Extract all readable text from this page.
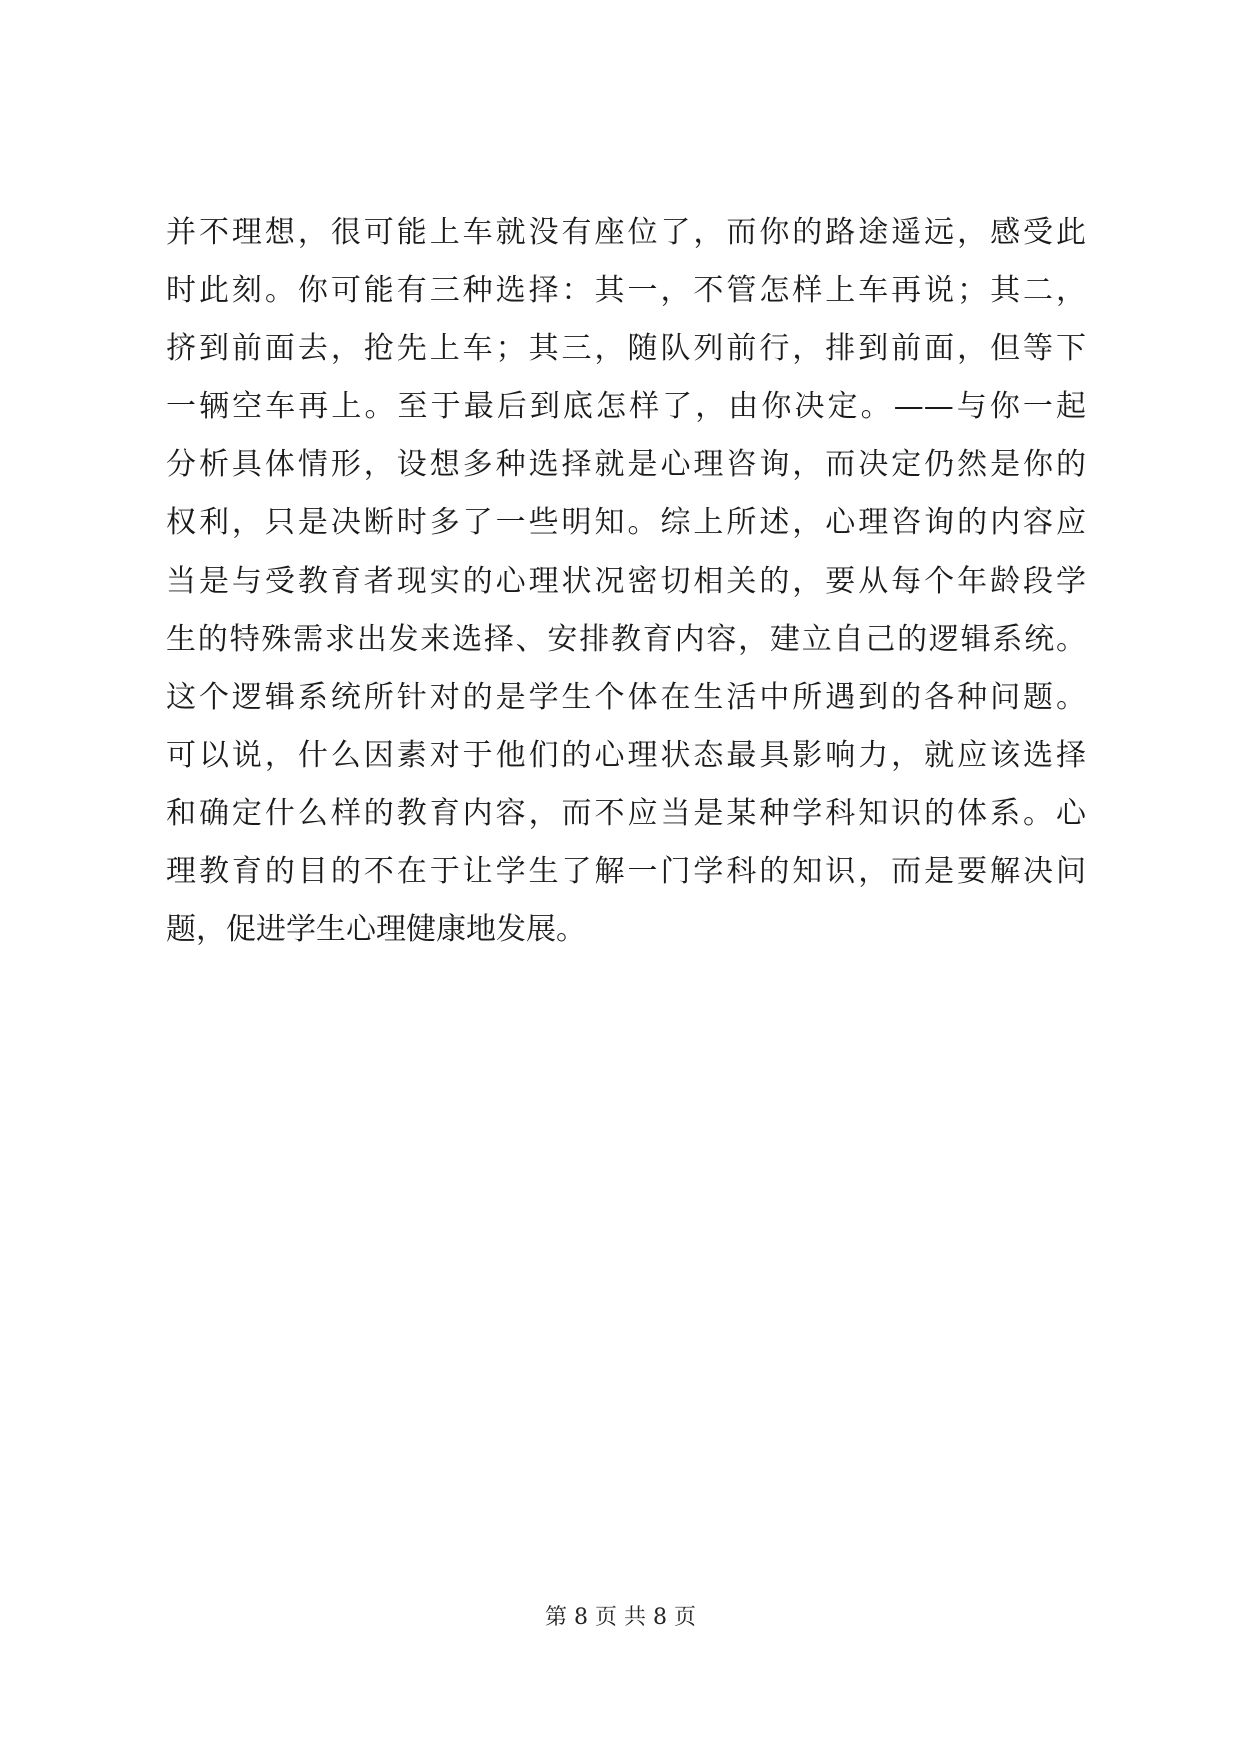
并不理想，很可能上车就没有座位了，而你的路途遥远，感受此
时此刻。你可能有三种选择：其一，不管怎样上车再说；其二，
挤到前面去，抢先上车；其三，随队列前行，排到前面，但等下
一辆空车再上。至于最后到底怎样了，由你决定。——与你一起
分析具体情形，设想多种选择就是心理咨询，而决定仍然是你的
权利，只是决断时多了一些明知。综上所述，心理咨询的内容应
当是与受教育者现实的心理状况密切相关的，要从每个年龄段学
生的特殊需求出发来选择、安排教育内容，建立自己的逻辑系统。
这个逻辑系统所针对的是学生个体在生活中所遇到的各种问题。
可以说，什么因素对于他们的心理状态最具影响力，就应该选择
和确定什么样的教育内容，而不应当是某种学科知识的体系。心
理教育的目的不在于让学生了解一门学科的知识，而是要解决问
题，促进学生心理健康地发展。
第 8 页 共 8 页
